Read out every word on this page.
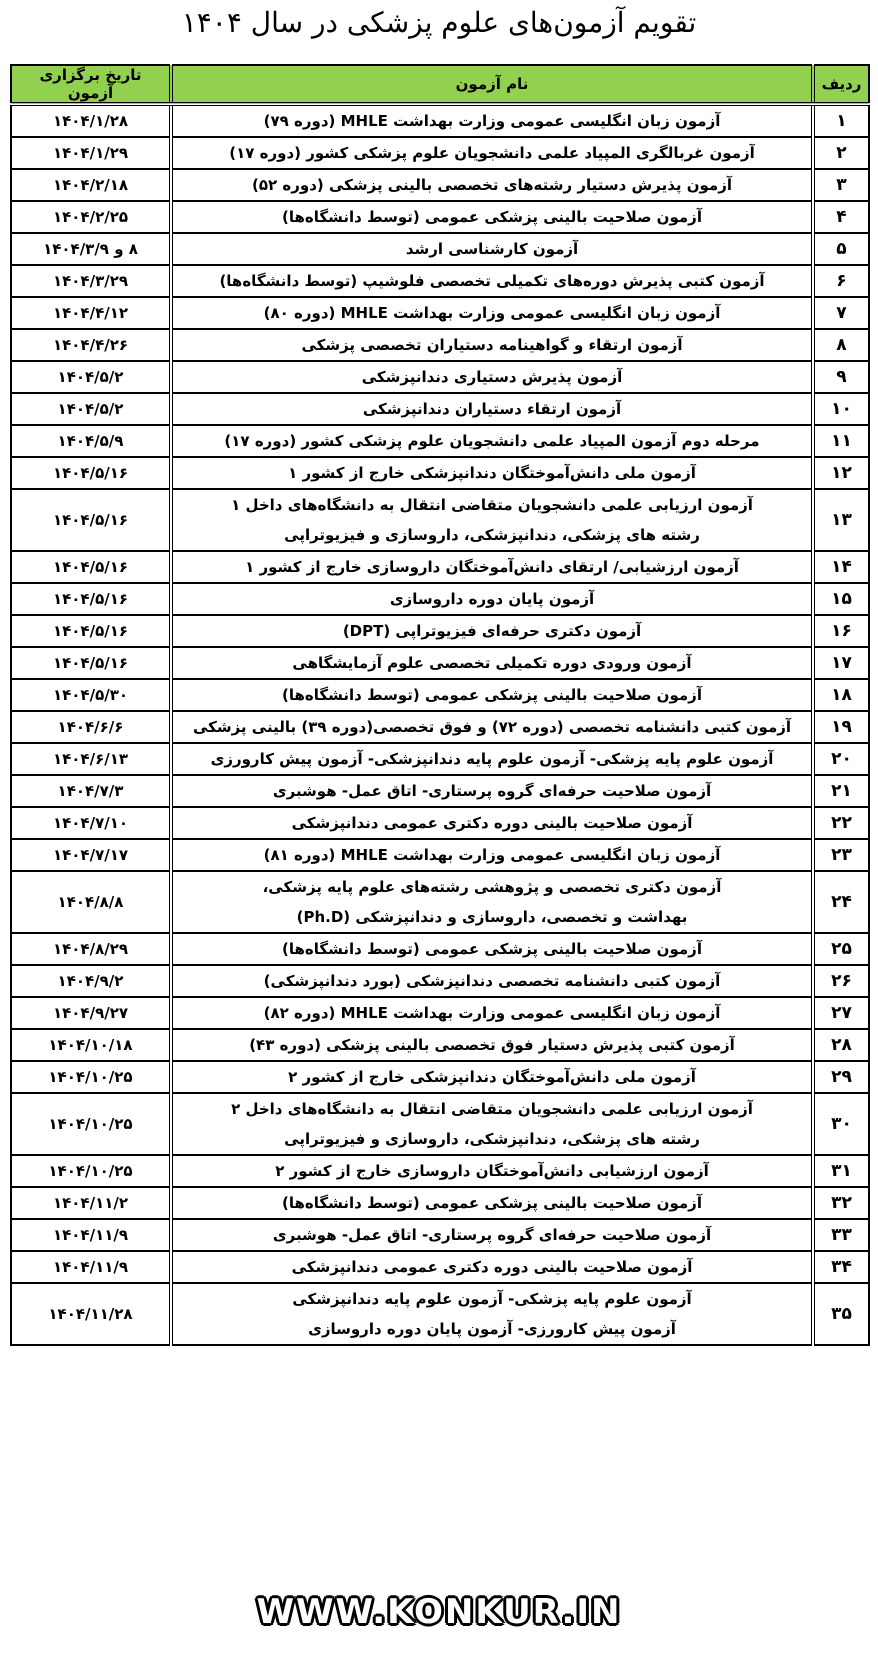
تقویم آزمون‌های علوم پزشکی در سال ۱۴۰۴
ردیف	نام آزمون	تاریخ برگزاری آزمون
۱	آزمون زبان انگلیسی عمومی وزارت بهداشت MHLE (دوره ۷۹)	۱۴۰۴/۱/۲۸
۲	آزمون غربالگری المپیاد علمی دانشجویان علوم پزشکی کشور (دوره ۱۷)	۱۴۰۴/۱/۲۹
۳	آزمون پذیرش دستیار رشته‌های تخصصی بالینی پزشکی (دوره ۵۲)	۱۴۰۴/۲/۱۸
۴	آزمون صلاحیت بالینی پزشکی عمومی (توسط دانشگاه‌ها)	۱۴۰۴/۲/۲۵
۵	آزمون کارشناسی ارشد	۸ و ۱۴۰۴/۳/۹
۶	آزمون کتبی پذیرش دوره‌های تکمیلی تخصصی فلوشیپ (توسط دانشگاه‌ها)	۱۴۰۴/۳/۲۹
۷	آزمون زبان انگلیسی عمومی وزارت بهداشت MHLE (دوره ۸۰)	۱۴۰۴/۴/۱۲
۸	آزمون ارتقاء و گواهینامه دستیاران تخصصی پزشکی	۱۴۰۴/۴/۲۶
۹	آزمون پذیرش دستیاری دندانپزشکی	۱۴۰۴/۵/۲
۱۰	آزمون ارتقاء دستیاران دندانپزشکی	۱۴۰۴/۵/۲
۱۱	مرحله دوم آزمون المپیاد علمی دانشجویان علوم پزشکی کشور (دوره ۱۷)	۱۴۰۴/۵/۹
۱۲	آزمون ملی دانش‌آموختگان دندانپزشکی خارج از کشور ۱	۱۴۰۴/۵/۱۶
۱۳	آزمون ارزیابی علمی دانشجویان متقاضی انتقال به دانشگاه‌های داخل ۱
رشته های پزشکی، دندانپزشکی، داروسازی و فیزیوتراپی	۱۴۰۴/۵/۱۶
۱۴	آزمون ارزشیابی/ ارتقای دانش‌آموختگان داروسازی خارج از کشور ۱	۱۴۰۴/۵/۱۶
۱۵	آزمون پایان دوره داروسازی	۱۴۰۴/۵/۱۶
۱۶	آزمون دکتری حرفه‌ای فیزیوتراپی (DPT)	۱۴۰۴/۵/۱۶
۱۷	آزمون ورودی دوره تکمیلی تخصصی علوم آزمایشگاهی	۱۴۰۴/۵/۱۶
۱۸	آزمون صلاحیت بالینی پزشکی عمومی (توسط دانشگاه‌ها)	۱۴۰۴/۵/۳۰
۱۹	آزمون کتبی دانشنامه تخصصی (دوره ۷۲) و فوق تخصصی(دوره ۳۹) بالینی پزشکی	۱۴۰۴/۶/۶
۲۰	آزمون علوم پایه پزشکی- آزمون علوم پایه دندانپزشکی- آزمون پیش کارورزی	۱۴۰۴/۶/۱۳
۲۱	آزمون صلاحیت حرفه‌ای گروه پرستاری- اتاق عمل- هوشبری	۱۴۰۴/۷/۳
۲۲	آزمون صلاحیت بالینی دوره دکتری عمومی دندانپزشکی	۱۴۰۴/۷/۱۰
۲۳	آزمون زبان انگلیسی عمومی وزارت بهداشت MHLE (دوره ۸۱)	۱۴۰۴/۷/۱۷
۲۴	آزمون دکتری تخصصی و پژوهشی رشته‌های علوم پایه پزشکی،
بهداشت و تخصصی، داروسازی و دندانپزشکی (Ph.D)	۱۴۰۴/۸/۸
۲۵	آزمون صلاحیت بالینی پزشکی عمومی (توسط دانشگاه‌ها)	۱۴۰۴/۸/۲۹
۲۶	آزمون کتبی دانشنامه تخصصی دندانپزشکی (بورد دندانپزشکی)	۱۴۰۴/۹/۲
۲۷	آزمون زبان انگلیسی عمومی وزارت بهداشت MHLE (دوره ۸۲)	۱۴۰۴/۹/۲۷
۲۸	آزمون کتبی پذیرش دستیار فوق تخصصی بالینی پزشکی (دوره ۴۳)	۱۴۰۴/۱۰/۱۸
۲۹	آزمون ملی دانش‌آموختگان دندانپزشکی خارج از کشور ۲	۱۴۰۴/۱۰/۲۵
۳۰	آزمون ارزیابی علمی دانشجویان متقاضی انتقال به دانشگاه‌های داخل ۲
رشته های پزشکی، دندانپزشکی، داروسازی و فیزیوتراپی	۱۴۰۴/۱۰/۲۵
۳۱	آزمون ارزشیابی دانش‌آموختگان داروسازی خارج از کشور ۲	۱۴۰۴/۱۰/۲۵
۳۲	آزمون صلاحیت بالینی پزشکی عمومی (توسط دانشگاه‌ها)	۱۴۰۴/۱۱/۲
۳۳	آزمون صلاحیت حرفه‌ای گروه پرستاری- اتاق عمل- هوشبری	۱۴۰۴/۱۱/۹
۳۴	آزمون صلاحیت بالینی دوره دکتری عمومی دندانپزشکی	۱۴۰۴/۱۱/۹
۳۵	آزمون علوم پایه پزشکی- آزمون علوم پایه دندانپزشکی
آزمون پیش کارورزی- آزمون پایان دوره داروسازی	۱۴۰۴/۱۱/۲۸
WWW.KONKUR.IN
